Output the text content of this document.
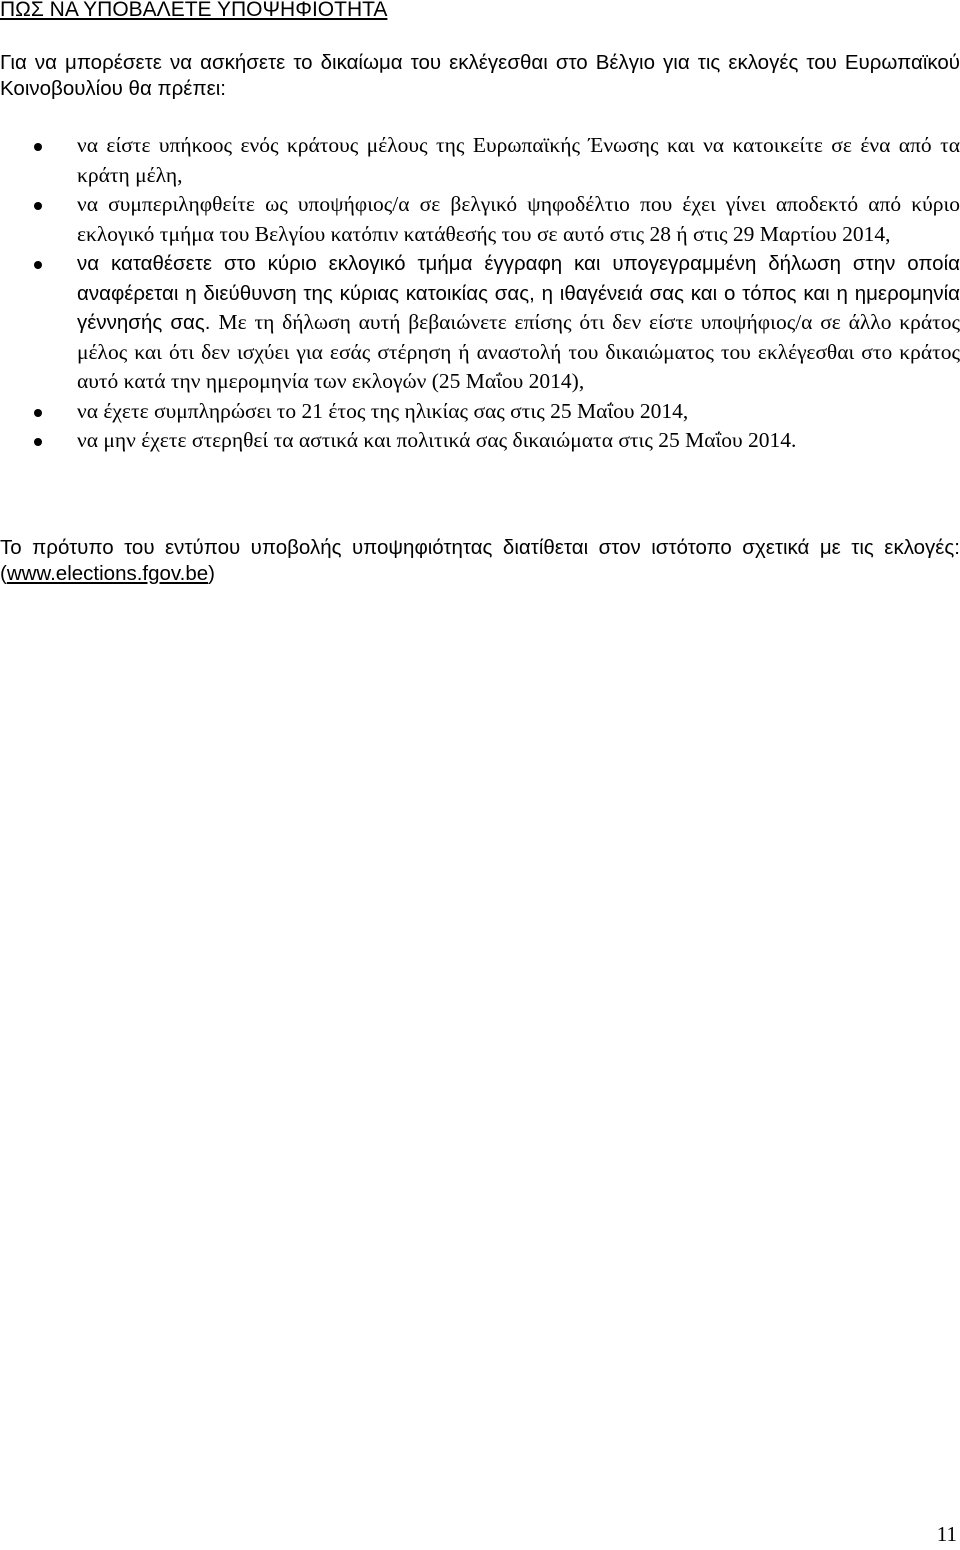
ΠΩΣ ΝΑ ΥΠΟΒΑΛΕΤΕ ΥΠΟΨΗΦΙΟΤΗΤΑ

Για να μπορέσετε να ασκήσετε το δικαίωμα του εκλέγεσθαι στο Βέλγιο για τις εκλογές του Ευρωπαϊκού Κοινοβουλίου θα πρέπει:

να είστε υπήκοος ενός κράτους μέλους της Ευρωπαϊκής Ένωσης και να κατοικείτε σε ένα από τα κράτη μέλη,
να συμπεριληφθείτε ως υποψήφιος/α σε βελγικό ψηφοδέλτιο που έχει γίνει αποδεκτό από κύριο εκλογικό τμήμα του Βελγίου κατόπιν κατάθεσής του σε αυτό στις 28 ή στις 29 Μαρτίου 2014,
να καταθέσετε στο κύριο εκλογικό τμήμα έγγραφη και υπογεγραμμένη δήλωση στην οποία αναφέρεται η διεύθυνση της κύριας κατοικίας σας, η ιθαγένειά σας και ο τόπος και η ημερομηνία γέννησής σας. Με τη δήλωση αυτή βεβαιώνετε επίσης ότι δεν είστε υποψήφιος/α σε άλλο κράτος μέλος και ότι δεν ισχύει για εσάς στέρηση ή αναστολή του δικαιώματος του εκλέγεσθαι στο κράτος αυτό κατά την ημερομηνία των εκλογών (25 Μαΐου 2014),
να έχετε συμπληρώσει το 21 έτος της ηλικίας σας στις 25 Μαΐου 2014,
να μην έχετε στερηθεί τα αστικά και πολιτικά σας δικαιώματα στις 25 Μαΐου 2014.

Το πρότυπο του εντύπου υποβολής υποψηφιότητας διατίθεται στον ιστότοπο σχετικά με τις εκλογές: (www.elections.fgov.be)

11
